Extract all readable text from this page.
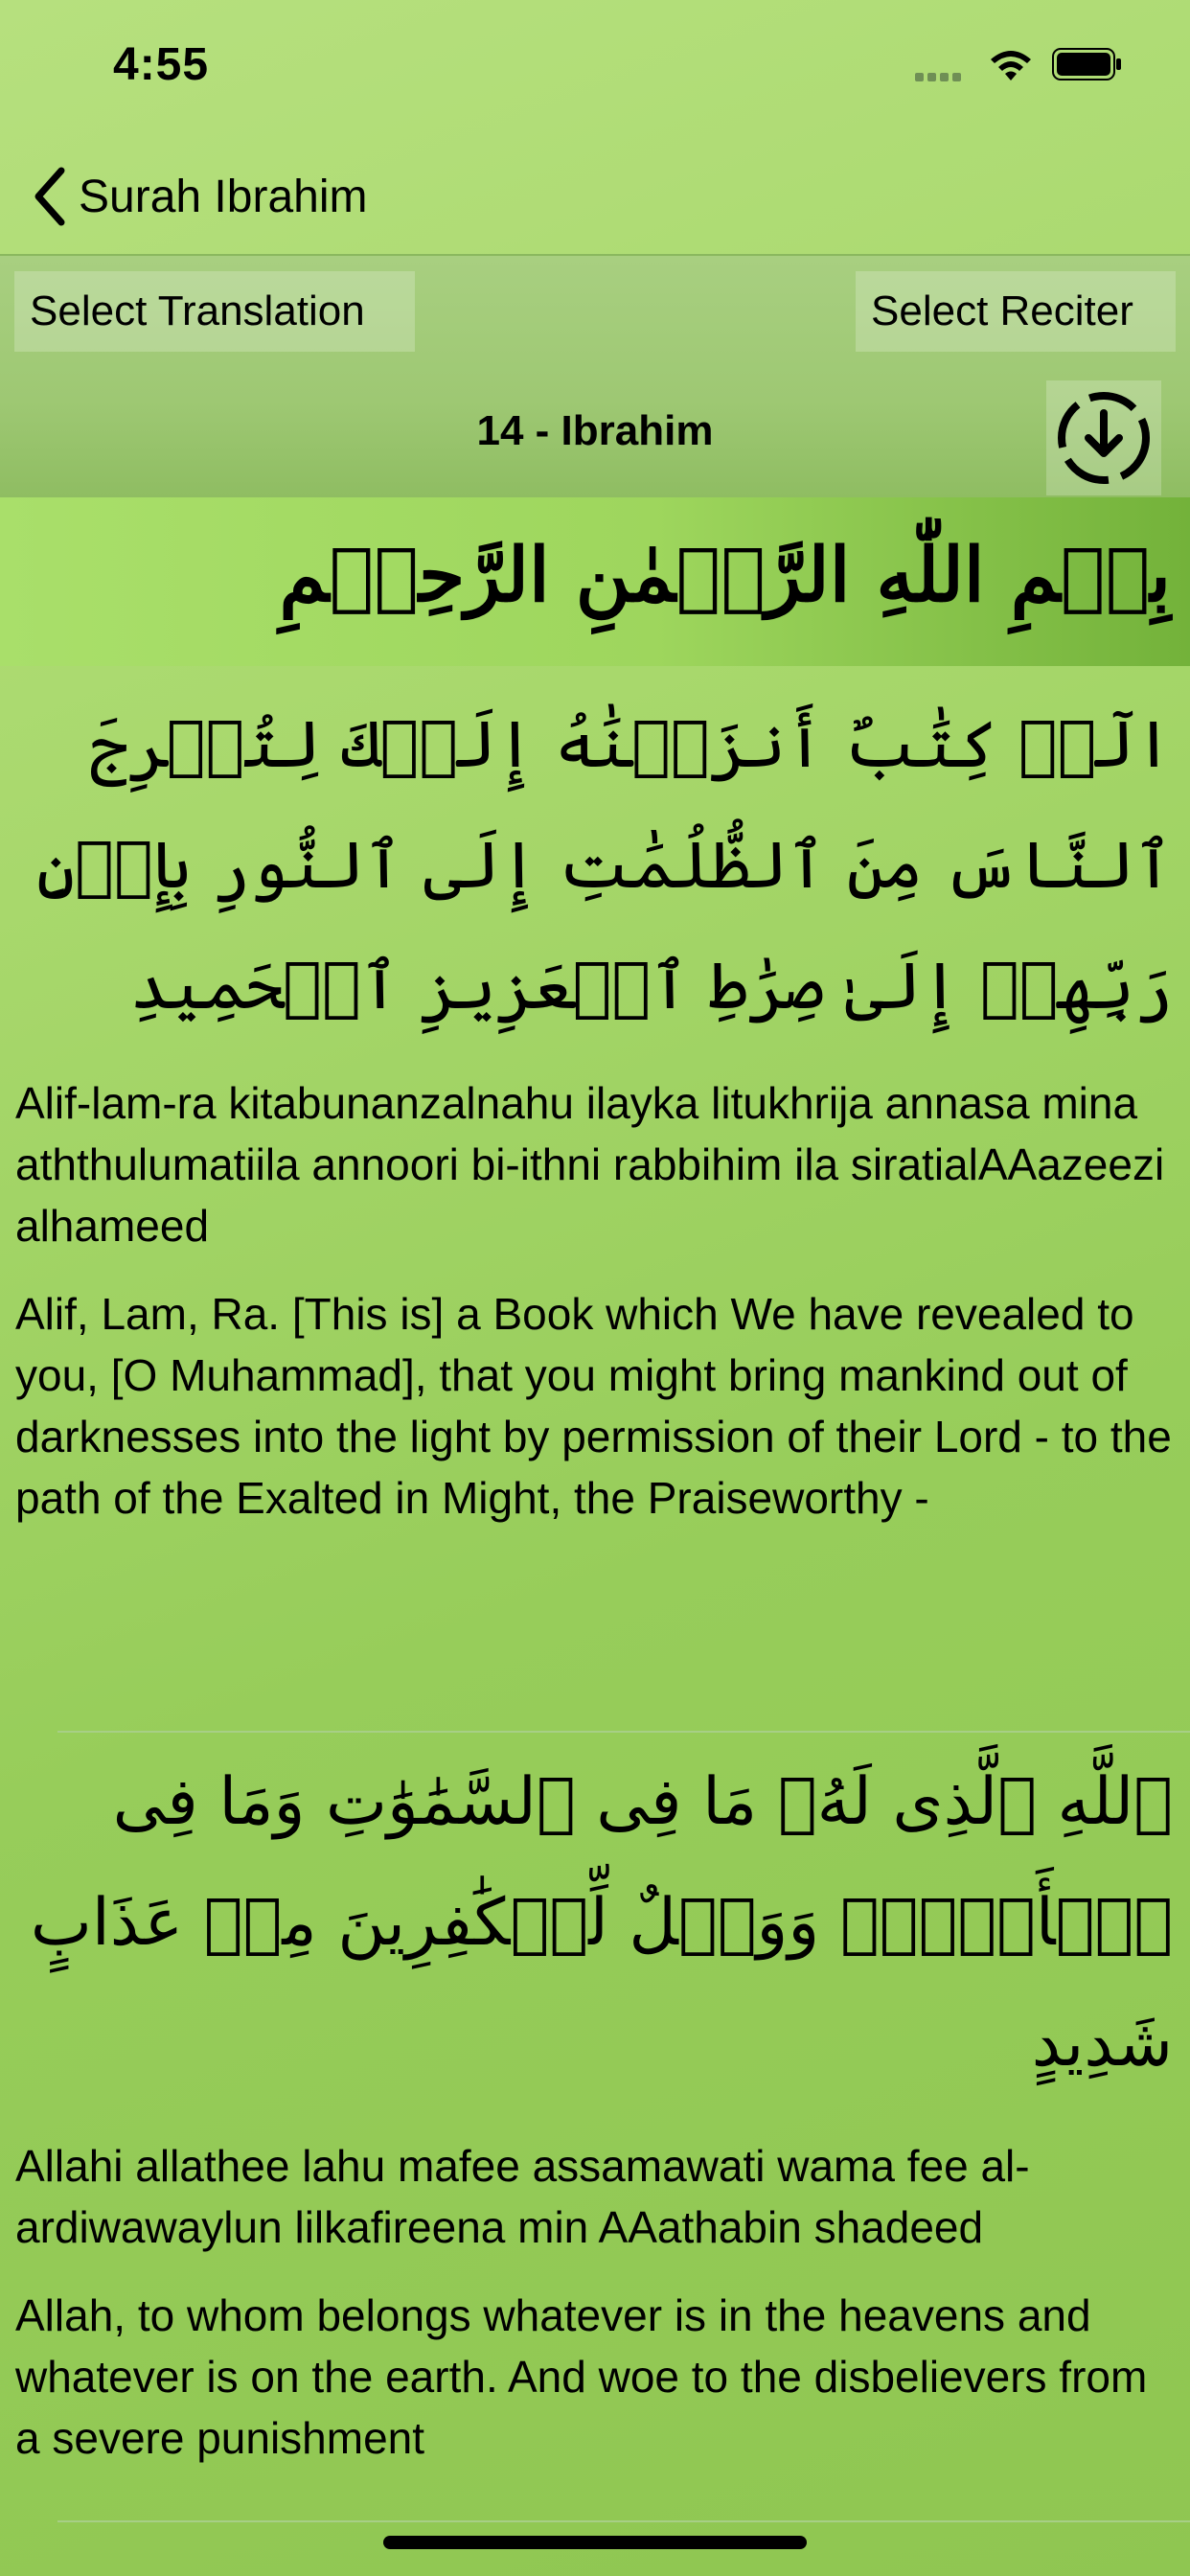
4:55
Surah Ibrahim
Select Translation	Select Reciter
14 - Ibrahim
بِسۡمِ اللّٰهِ الرَّحۡمٰنِ الرَّحِيۡمِ

الٓرۚ كِتَٰبٌ أَنزَلۡنَٰهُ إِلَيۡكَ لِتُخۡرِجَ ٱلنَّاسَ مِنَ ٱلظُّلُمَٰتِ إِلَى ٱلنُّورِ بِإِذۡنِ رَبِّهِمۡ إِلَىٰ صِرَٰطِ ٱلۡعَزِيزِ ٱلۡحَمِيدِ

Alif-lam-ra kitabunanzalnahu ilayka litukhrija annasa mina aththulumatiila annoori bi-ithni rabbihim ila siratialAAazeezi alhameed

Alif, Lam, Ra. [This is] a Book which We have revealed to you, [O Muhammad], that you might bring mankind out of darknesses into the light by permission of their Lord - to the path of the Exalted in Might, the Praiseworthy -

ٱللَّهِ ٱلَّذِى لَهُۥ مَا فِى ٱلسَّمَٰوَٰتِ وَمَا فِى ٱلۡأَرۡضِۗ وَوَيۡلٌ لِّلۡكَٰفِرِينَ مِنۡ عَذَابٍ شَدِيدٍ

Allahi allathee lahu mafee assamawati wama fee al-ardiwawaylun lilkafireena min AAathabin shadeed

Allah, to whom belongs whatever is in the heavens and whatever is on the earth. And woe to the disbelievers from a severe punishment
